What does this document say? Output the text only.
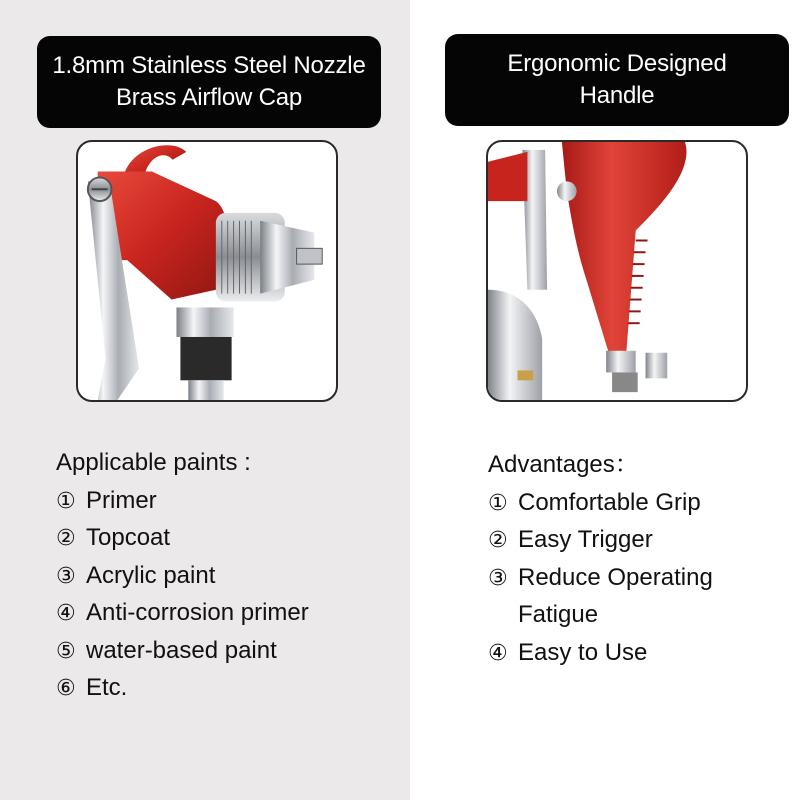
1.8mm Stainless Steel Nozzle
Brass Airflow Cap
Ergonomic Designed
Handle
Applicable paints :
① Primer
② Topcoat
③ Acrylic paint
④ Anti-corrosion primer
⑤ water-based paint
⑥ Etc.
Advantages：
① Comfortable Grip
② Easy Trigger
③ Reduce Operating
Fatigue
④ Easy to Use
